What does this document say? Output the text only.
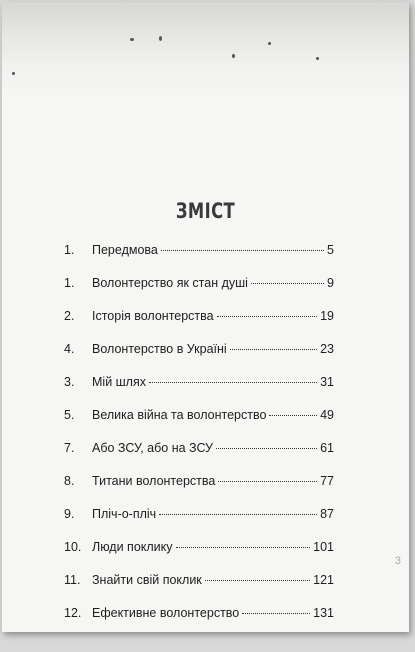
ЗМІСТ
1.	Передмова	5
1.	Волонтерство як стан душі	9
2.	Історія волонтерства	19
4.	Волонтерство в Україні	23
3.	Мій шлях	31
5.	Велика війна та волонтерство	49
7.	Або ЗСУ, або на ЗСУ	61
8.	Титани волонтерства	77
9.	Пліч-о-пліч	87
10. Люди поклику	101
11. Знайти свій поклик	121
12. Ефективне волонтерство	131
3
